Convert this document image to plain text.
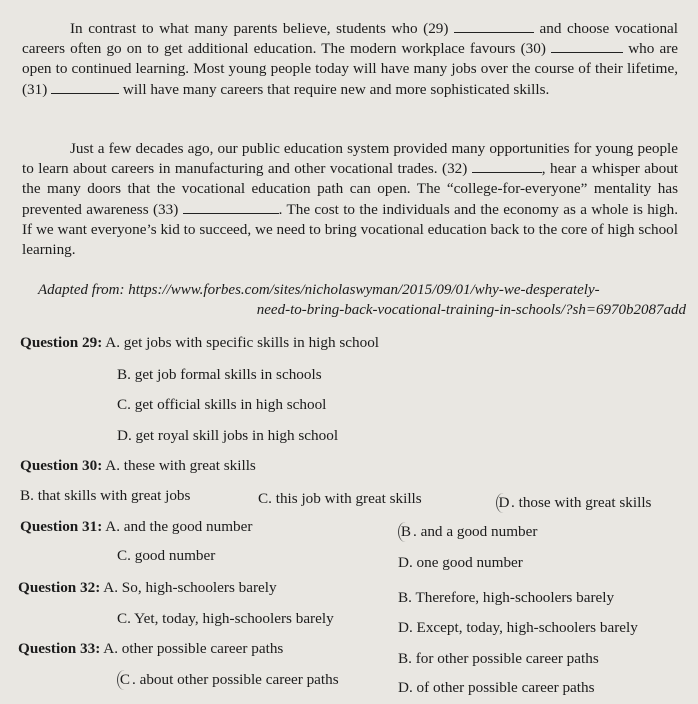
In contrast to what many parents believe, students who (29)	and choose vocational careers often go on to get additional education. The modern workplace favours (30)	who are open to continued learning. Most young people today will have many jobs over the course of their lifetime, (31)	will have many careers that require new and more sophisticated skills.

Just a few decades ago, our public education system provided many opportunities for young people to learn about careers in manufacturing and other vocational trades. (32)	, hear a whisper about the many doors that the vocational education path can open. The “college-for-everyone” mentality has prevented awareness (33)	. The cost to the individuals and the economy as a whole is high. If we want everyone’s kid to succeed, we need to bring vocational education back to the core of high school learning.

Adapted from: https://www.forbes.com/sites/nicholaswyman/2015/09/01/why-we-desperately-
need-to-bring-back-vocational-training-in-schools/?sh=6970b2087add
Question 29: A. get jobs with specific skills in high school
B. get job formal skills in schools
C. get official skills in high school
D. get royal skill jobs in high school
Question 30: A. these with great skills
B. that skills with great jobs	C. this job with great skills	D. those with great skills
Question 31: A. and the good number	B . and a good number
C. good number	D. one good number
Question 32: A. So, high-schoolers barely
B. Therefore, high-schoolers barely
C. Yet, today, high-schoolers barely
D. Except, today, high-schoolers barely
Question 33: A. other possible career paths
B. for other possible career paths
C . about other possible career paths	D. of other possible career paths
